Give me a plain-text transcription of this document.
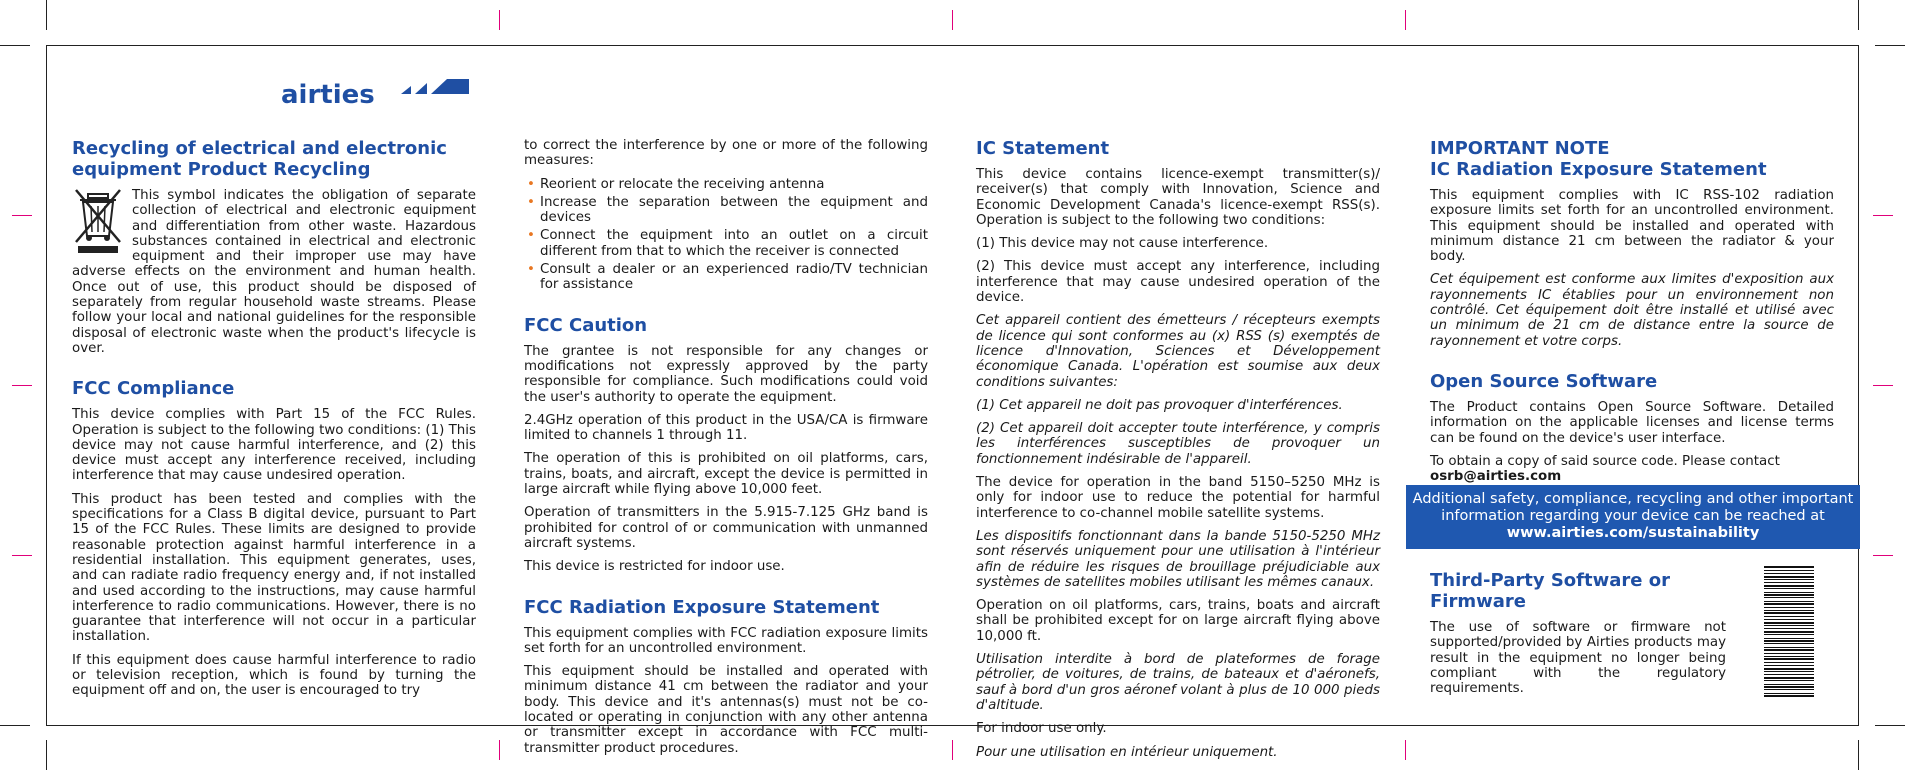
airties
Recycling of electrical and electronic equipment Product Recycling

This symbol indicates the obligation of separate collection of electrical and electronic equipment and differentiation from other waste. Hazardous substances contained in electrical and electronic equipment and their improper use may have adverse effects on the environment and human health. Once out of use, this product should be disposed of separately from regular household waste streams. Please follow your local and national guidelines for the responsible disposal of electronic waste when the product's lifecycle is over.

FCC Compliance

This device complies with Part 15 of the FCC Rules. Operation is subject to the following two conditions: (1) This device may not cause harmful interference, and (2) this device must accept any interference received, including interference that may cause undesired operation.

This product has been tested and complies with the specifications for a Class B digital device, pursuant to Part 15 of the FCC Rules. These limits are designed to provide reasonable protection against harmful interference in a residential installation. This equipment generates, uses, and can radiate radio frequency energy and, if not installed and used according to the instructions, may cause harmful interference to radio communications. However, there is no guarantee that interference will not occur in a particular installation.

If this equipment does cause harmful interference to radio or television reception, which is found by turning the equipment off and on, the user is encouraged to try

to correct the interference by one or more of the following measures:

• Reorient or relocate the receiving antenna
• Increase the separation between the equipment and devices
• Connect the equipment into an outlet on a circuit different from that to which the receiver is connected
• Consult a dealer or an experienced radio/TV technician for assistance
FCC Caution

The grantee is not responsible for any changes or modifications not expressly approved by the party responsible for compliance. Such modifications could void the user's authority to operate the equipment.

2.4GHz operation of this product in the USA/CA is firmware limited to channels 1 through 11.

The operation of this is prohibited on oil platforms, cars, trains, boats, and aircraft, except the device is permitted in large aircraft while flying above 10,000 feet.

Operation of transmitters in the 5.915-7.125 GHz band is prohibited for control of or communication with unmanned aircraft systems.

This device is restricted for indoor use.

FCC Radiation Exposure Statement

This equipment complies with FCC radiation exposure limits set forth for an uncontrolled environment.

This equipment should be installed and operated with minimum distance 41 cm between the radiator and your body. This device and it's antennas(s) must not be co-located or operating in conjunction with any other antenna or transmitter except in accordance with FCC multi-transmitter product procedures.

IC Statement

This device contains licence-exempt transmitter(s)/ receiver(s) that comply with Innovation, Science and Economic Development Canada's licence-exempt RSS(s). Operation is subject to the following two conditions:

(1) This device may not cause interference.

(2) This device must accept any interference, including interference that may cause undesired operation of the device.

Cet appareil contient des émetteurs / récepteurs exempts de licence qui sont conformes au (x) RSS (s) exemptés de licence d'Innovation, Sciences et Développement économique Canada. L'opération est soumise aux deux conditions suivantes:

(1) Cet appareil ne doit pas provoquer d'interférences.

(2) Cet appareil doit accepter toute interférence, y compris les interférences susceptibles de provoquer un fonctionnement indésirable de l'appareil.

The device for operation in the band 5150–5250 MHz is only for indoor use to reduce the potential for harmful interference to co-channel mobile satellite systems.

Les dispositifs fonctionnant dans la bande 5150-5250 MHz sont réservés uniquement pour une utilisation à l'intérieur afin de réduire les risques de brouillage préjudiciable aux systèmes de satellites mobiles utilisant les mêmes canaux.

Operation on oil platforms, cars, trains, boats and aircraft shall be prohibited except for on large aircraft flying above 10,000 ft.

Utilisation interdite à bord de plateformes de forage pétrolier, de voitures, de trains, de bateaux et d'aéronefs, sauf à bord d'un gros aéronef volant à plus de 10 000 pieds d'altitude.

For indoor use only.

Pour une utilisation en intérieur uniquement.

IMPORTANT NOTE
IC Radiation Exposure Statement

This equipment complies with IC RSS-102 radiation exposure limits set forth for an uncontrolled environment. This equipment should be installed and operated with minimum distance 21 cm between the radiator & your body.

Cet équipement est conforme aux limites d'exposition aux rayonnements IC établies pour un environnement non contrôlé. Cet équipement doit être installé et utilisé avec un minimum de 21 cm de distance entre la source de rayonnement et votre corps.

Open Source Software

The Product contains Open Source Software. Detailed information on the applicable licenses and license terms can be found on the device's user interface.

To obtain a copy of said source code. Please contact

osrb@airties.com

Additional safety, compliance, recycling and other important information regarding your device can be reached at www.airties.com/sustainability
Third-Party Software or Firmware

The use of software or firmware not supported/provided by Airties products may result in the equipment no longer being compliant with the regulatory requirements.
